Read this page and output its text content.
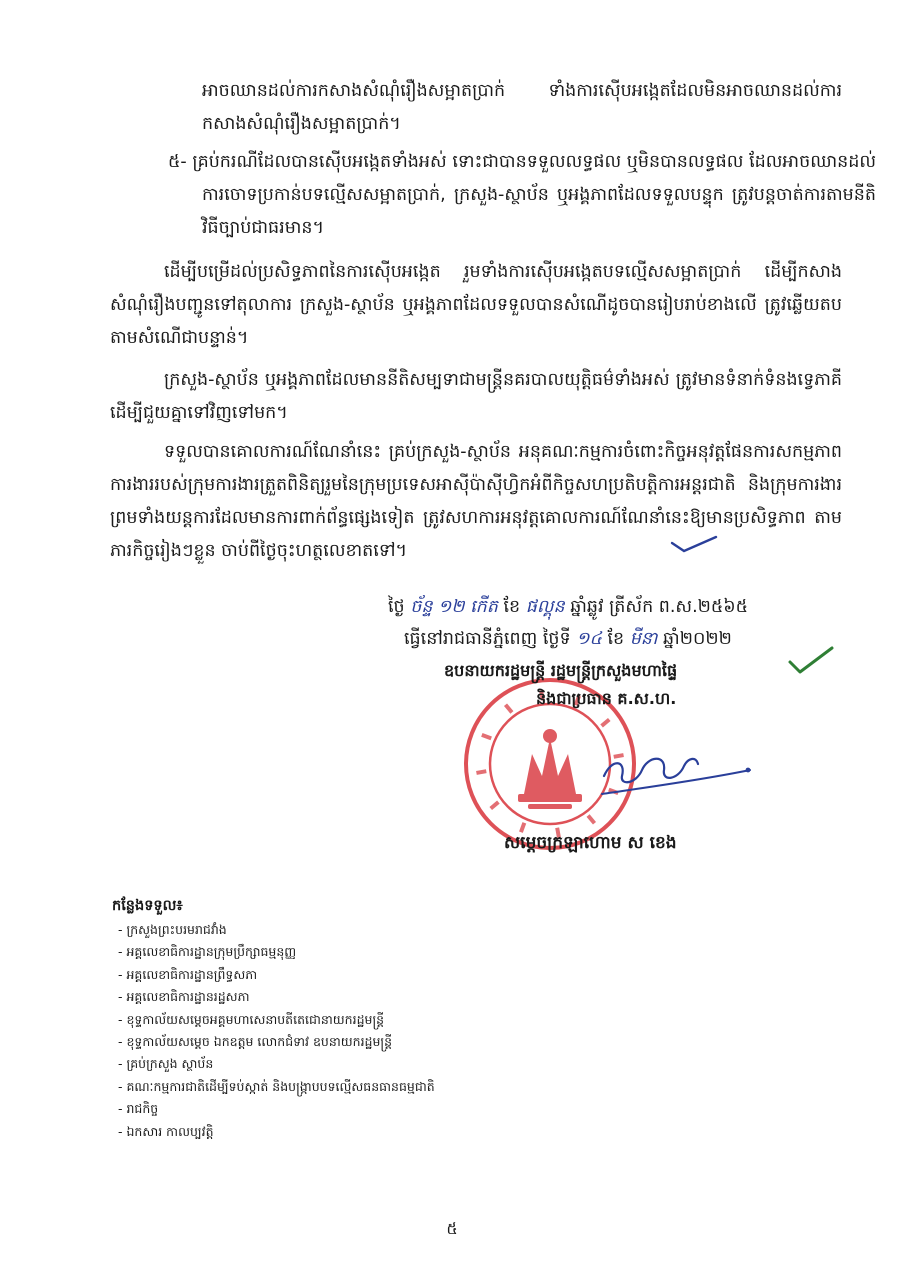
អាចឈានដល់ការកសាងសំណុំរឿងសម្អាតប្រាក់ ទាំងការស៊ើបអង្កេតដែលមិនអាចឈានដល់ការកសាងសំណុំរឿងសម្អាតប្រាក់។

៥- គ្រប់ករណីដែលបានស៊ើបអង្កេតទាំងអស់ ទោះជាបានទទួលលទ្ធផល ឬមិនបានលទ្ធផល ដែលអាចឈានដល់ការចោទប្រកាន់បទល្មើសសម្អាតប្រាក់, ក្រសួង-ស្ថាប័ន ឬអង្គភាពដែលទទួលបន្ទុក ត្រូវបន្តចាត់ការតាមនីតិវិធីច្បាប់ជាធរមាន។

ដើម្បីបម្រើដល់ប្រសិទ្ធភាពនៃការស៊ើបអង្កេត រួមទាំងការស៊ើបអង្កេតបទល្មើសសម្អាតប្រាក់ ដើម្បីកសាងសំណុំរឿងបញ្ជូនទៅតុលាការ ក្រសួង-ស្ថាប័ន ឬអង្គភាពដែលទទួលបានសំណើដូចបានរៀបរាប់ខាងលើ ត្រូវឆ្លើយតបតាមសំណើជាបន្ទាន់។

ក្រសួង-ស្ថាប័ន ឬអង្គភាពដែលមាននីតិសម្បទាជាមន្ត្រីនគរបាលយុត្តិធម៌ទាំងអស់ ត្រូវមានទំនាក់ទំនងទ្វេភាគី ដើម្បីជួយគ្នាទៅវិញទៅមក។

ទទួលបានគោលការណ៍ណែនាំនេះ គ្រប់ក្រសួង-ស្ថាប័ន អនុគណៈកម្មការចំពោះកិច្ចអនុវត្តផែនការសកម្មភាពការងាររបស់ក្រុមការងារត្រួតពិនិត្យរួមនៃក្រុមប្រទេសអាស៊ីប៉ាស៊ីហ្វិកអំពីកិច្ចសហប្រតិបត្តិការអន្តរជាតិ និងក្រុមការងារ ព្រមទាំងយន្តការដែលមានការពាក់ព័ន្ធផ្សេងទៀត ត្រូវសហការអនុវត្តគោលការណ៍ណែនាំនេះឱ្យមានប្រសិទ្ធភាព តាមភារកិច្ចរៀងៗខ្លួន ចាប់ពីថ្ងៃចុះហត្ថលេខាតទៅ។

ថ្ងៃ ច័ន្ទ ១២ កើត ខែ ផល្គុន ឆ្នាំឆ្លូវ ត្រីស័ក ព.ស.២៥៦៥
ធ្វើនៅរាជធានីភ្នំពេញ ថ្ងៃទី ១៤ ខែ មីនា ឆ្នាំ២០២២
ឧបនាយករដ្ឋមន្ត្រី រដ្ឋមន្ត្រីក្រសួងមហាផ្ទៃ
និងជាប្រធាន គ.ស.ហ.
សម្តេចក្រឡាហោម ស ខេង
កន្លែងទទួល៖
- ក្រសួងព្រះបរមរាជវាំង
- អគ្គលេខាធិការដ្ឋានក្រុមប្រឹក្សាធម្មនុញ្ញ
- អគ្គលេខាធិការដ្ឋានព្រឹទ្ធសភា
- អគ្គលេខាធិការដ្ឋានរដ្ឋសភា
- ខុទ្ទកាល័យសម្តេចអគ្គមហាសេនាបតីតេជោនាយករដ្ឋមន្ត្រី
- ខុទ្ទកាល័យសម្តេច ឯកឧត្តម លោកជំទាវ ឧបនាយករដ្ឋមន្ត្រី
- គ្រប់ក្រសួង ស្ថាប័ន
- គណៈកម្មការជាតិដើម្បីទប់ស្កាត់ និងបង្ក្រាបបទល្មើសធនធានធម្មជាតិ
- រាជកិច្ច
- ឯកសារ កាលប្បវត្តិ
៥
